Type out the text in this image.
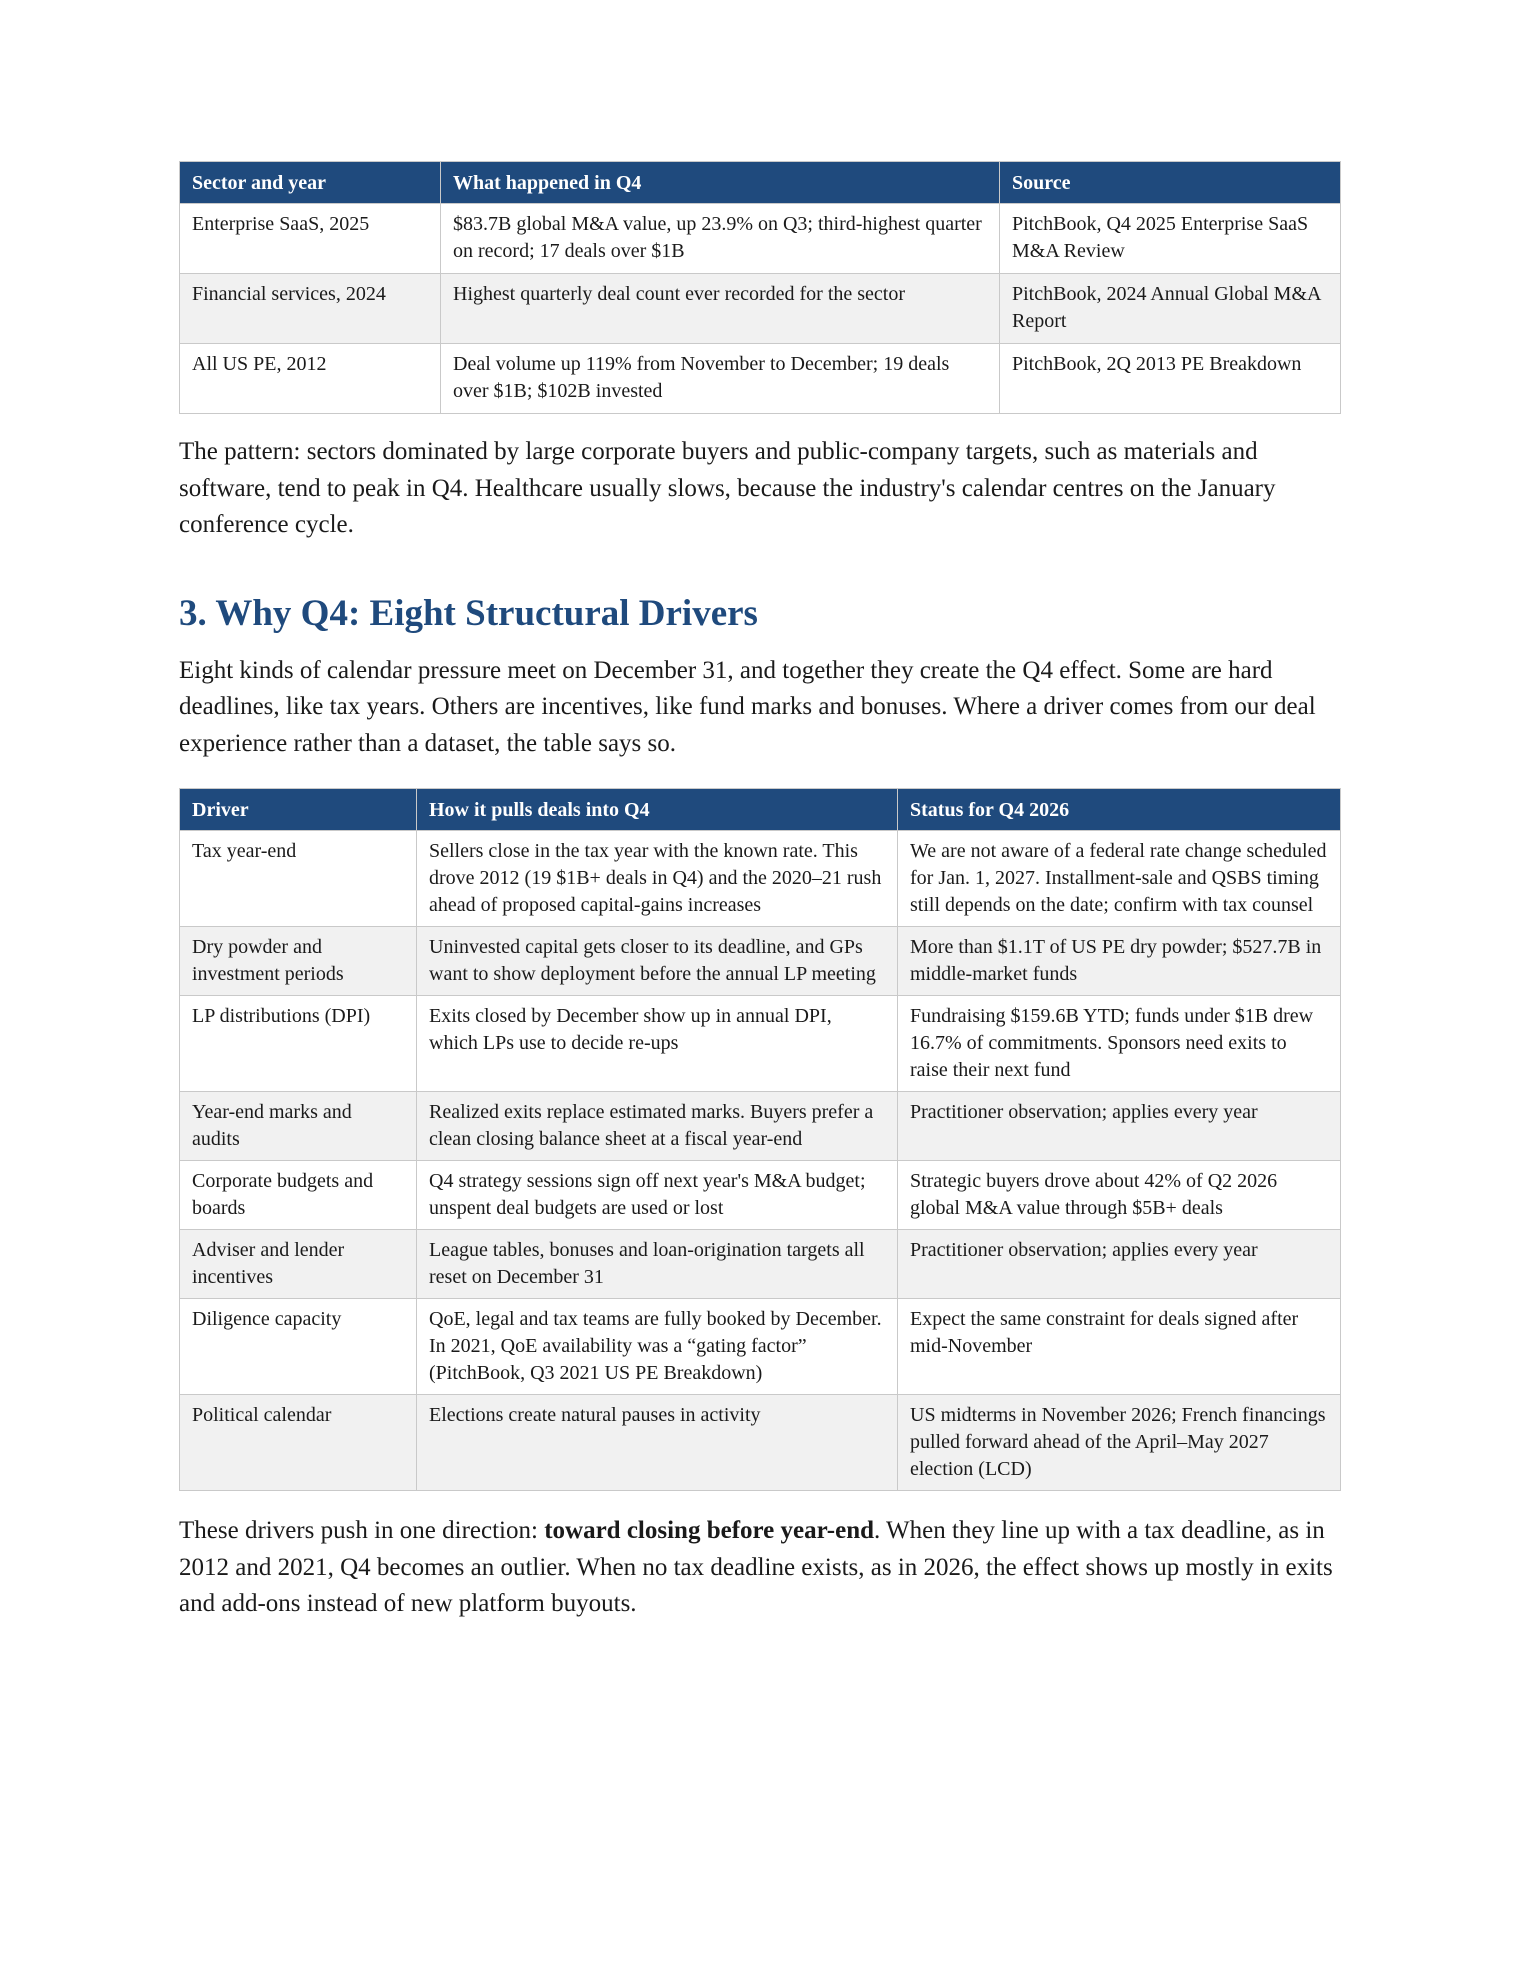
Sector and year	What happened in Q4	Source
Enterprise SaaS, 2025	$83.7B global M&A value, up 23.9% on Q3; third-highest quarter on record; 17 deals over $1B	PitchBook, Q4 2025 Enterprise SaaS M&A Review
Financial services, 2024	Highest quarterly deal count ever recorded for the sector	PitchBook, 2024 Annual Global M&A Report
All US PE, 2012	Deal volume up 119% from November to December; 19 deals over $1B; $102B invested	PitchBook, 2Q 2013 PE Breakdown

The pattern: sectors dominated by large corporate buyers and public-company targets, such as materials and software, tend to peak in Q4. Healthcare usually slows, because the industry's calendar centres on the January conference cycle.

3. Why Q4: Eight Structural Drivers

Eight kinds of calendar pressure meet on December 31, and together they create the Q4 effect. Some are hard deadlines, like tax years. Others are incentives, like fund marks and bonuses. Where a driver comes from our deal experience rather than a dataset, the table says so.

Driver	How it pulls deals into Q4	Status for Q4 2026
Tax year-end	Sellers close in the tax year with the known rate. This drove 2012 (19 $1B+ deals in Q4) and the 2020–21 rush ahead of proposed capital-gains increases	We are not aware of a federal rate change scheduled for Jan. 1, 2027. Installment-sale and QSBS timing still depends on the date; confirm with tax counsel
Dry powder and investment periods	Uninvested capital gets closer to its deadline, and GPs want to show deployment before the annual LP meeting	More than $1.1T of US PE dry powder; $527.7B in middle-market funds
LP distributions (DPI)	Exits closed by December show up in annual DPI, which LPs use to decide re-ups	Fundraising $159.6B YTD; funds under $1B drew 16.7% of commitments. Sponsors need exits to raise their next fund
Year-end marks and audits	Realized exits replace estimated marks. Buyers prefer a clean closing balance sheet at a fiscal year-end	Practitioner observation; applies every year
Corporate budgets and boards	Q4 strategy sessions sign off next year's M&A budget; unspent deal budgets are used or lost	Strategic buyers drove about 42% of Q2 2026 global M&A value through $5B+ deals
Adviser and lender incentives	League tables, bonuses and loan-origination targets all reset on December 31	Practitioner observation; applies every year
Diligence capacity	QoE, legal and tax teams are fully booked by December. In 2021, QoE availability was a “gating factor” (PitchBook, Q3 2021 US PE Breakdown)	Expect the same constraint for deals signed after mid-November
Political calendar	Elections create natural pauses in activity	US midterms in November 2026; French financings pulled forward ahead of the April–May 2027 election (LCD)

These drivers push in one direction: toward closing before year-end. When they line up with a tax deadline, as in 2012 and 2021, Q4 becomes an outlier. When no tax deadline exists, as in 2026, the effect shows up mostly in exits and add-ons instead of new platform buyouts.
